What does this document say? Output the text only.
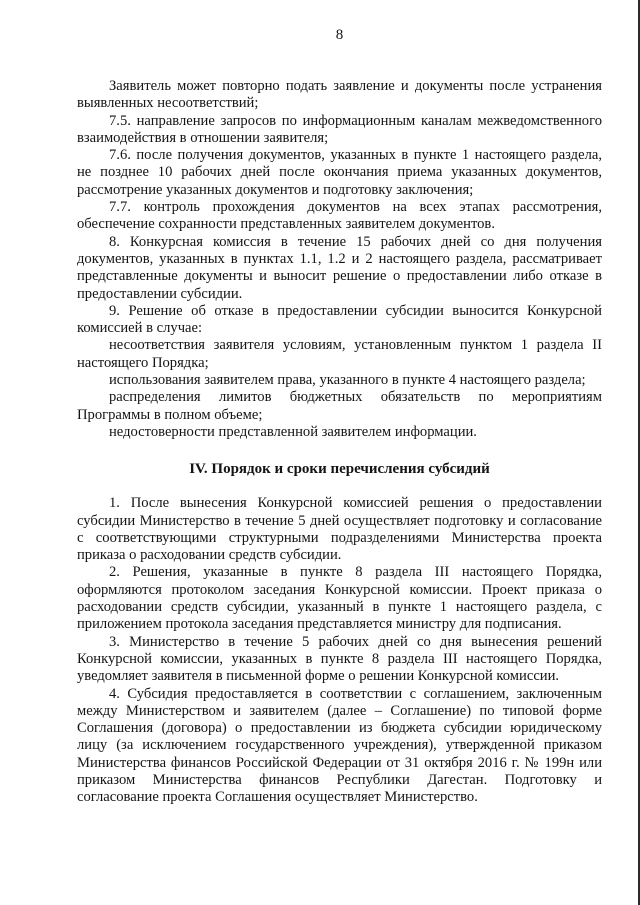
8

Заявитель может повторно подать заявление и документы после устранения выявленных несоответствий;

7.5. направление запросов по информационным каналам межведомственного взаимодействия в отношении заявителя;

7.6. после получения документов, указанных в пункте 1 настоящего раздела, не позднее 10 рабочих дней после окончания приема указанных документов, рассмотрение указанных документов и подготовку заключения;

7.7. контроль прохождения документов на всех этапах рассмотрения, обеспечение сохранности представленных заявителем документов.

8. Конкурсная комиссия в течение 15 рабочих дней со дня получения документов, указанных в пунктах 1.1, 1.2 и 2 настоящего раздела, рассматривает представленные документы и выносит решение о предоставлении либо отказе в предоставлении субсидии.

9. Решение об отказе в предоставлении субсидии выносится Конкурсной комиссией в случае:

несоответствия заявителя условиям, установленным пунктом 1 раздела II настоящего Порядка;

использования заявителем права, указанного в пункте 4 настоящего раздела;

распределения лимитов бюджетных обязательств по мероприятиям Программы в полном объеме;

недостоверности представленной заявителем информации.

IV. Порядок и сроки перечисления субсидий

1. После вынесения Конкурсной комиссией решения о предоставлении субсидии Министерство в течение 5 дней осуществляет подготовку и согласование с соответствующими структурными подразделениями Министерства проекта приказа о расходовании средств субсидии.

2. Решения, указанные в пункте 8 раздела III настоящего Порядка, оформляются протоколом заседания Конкурсной комиссии. Проект приказа о расходовании средств субсидии, указанный в пункте 1 настоящего раздела, с приложением протокола заседания представляется министру для подписания.

3. Министерство в течение 5 рабочих дней со дня вынесения решений Конкурсной комиссии, указанных в пункте 8 раздела III настоящего Порядка, уведомляет заявителя в письменной форме о решении Конкурсной комиссии.

4. Субсидия предоставляется в соответствии с соглашением, заключенным между Министерством и заявителем (далее – Соглашение) по типовой форме Соглашения (договора) о предоставлении из бюджета субсидии юридическому лицу (за исключением государственного учреждения), утвержденной приказом Министерства финансов Российской Федерации от 31 октября 2016 г. № 199н или приказом Министерства финансов Республики Дагестан. Подготовку и согласование проекта Соглашения осуществляет Министерство.
